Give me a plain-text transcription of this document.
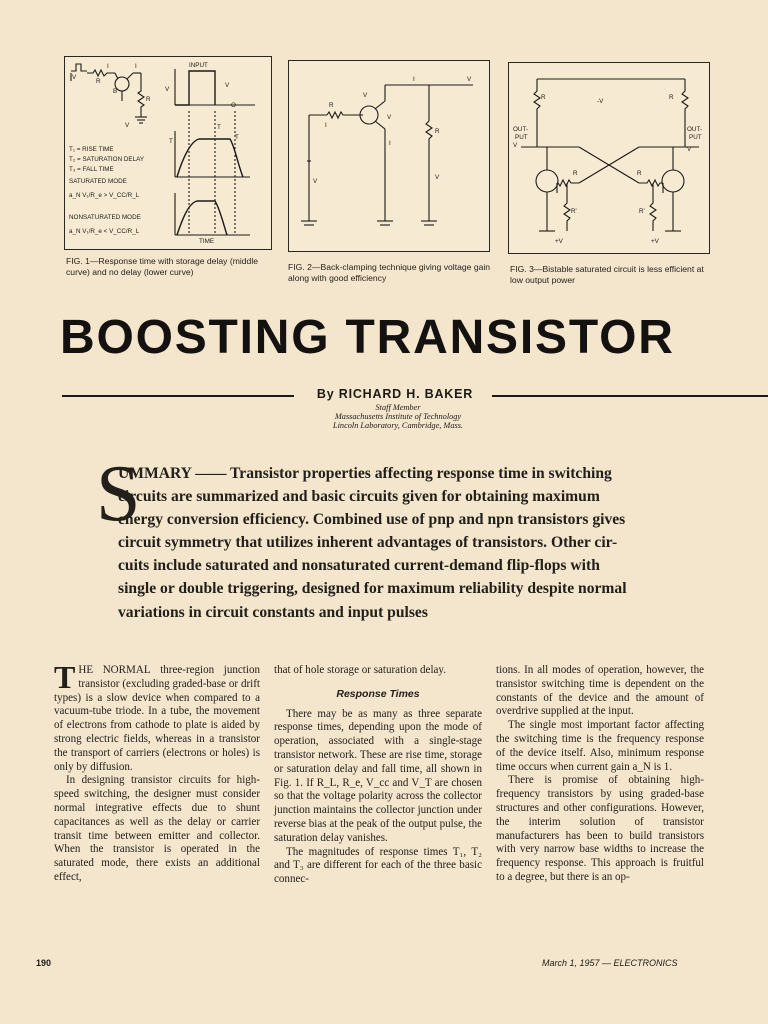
INPUT
V
R
I	I
B
R
V
V
V
O
T
T
T
TIME
T₁ = RISE TIME
T₂ = SATURATION DELAY
T₃ = FALL TIME
SATURATED MODE
a_N V₁/R_e > V_CC/R_L
NONSATURATED MODE
a_N V₁/R_e < V_CC/R_L
FIG. 1—Response time with storage delay (middle curve) and no delay (lower curve)
V
I
V
R
V
I
I
R
V
V
FIG. 2—Back-clamping technique giving voltage gain along with good efficiency
R
-V
R
OUT-
PUT
V
OUT-
PUT
V
R	R
R'	R'
+V	+V
FIG. 3—Bistable saturated circuit is less efficient at low output power
BOOSTING TRANSISTOR
By RICHARD H. BAKER
Staff Member
Massachusetts Institute of Technology
Lincoln Laboratory, Cambridge, Mass.
S
UMMARY —— Transistor properties affecting response time in switching
circuits are summarized and basic circuits given for obtaining maximum
energy conversion efficiency. Combined use of pnp and npn transistors gives
circuit symmetry that utilizes inherent advantages of transistors. Other cir-
cuits include saturated and nonsaturated current-demand flip-flops with
single or double triggering, designed for maximum reliability despite normal
variations in circuit constants and input pulses

T HE NORMAL three-region junction transistor (excluding graded-base or drift types) is a slow device when compared to a vacuum-tube triode. In a tube, the movement of electrons from cathode to plate is aided by strong electric fields, whereas in a transistor the transport of carriers (electrons or holes) is only by diffusion.

In designing transistor circuits for high-speed switching, the designer must consider normal integrative effects due to shunt capacitances as well as the delay or carrier transit time between emitter and collector. When the transistor is operated in the saturated mode, there exists an additional effect,

that of hole storage or saturation delay.

Response Times

There may be as many as three separate response times, depending upon the mode of operation, associated with a single-stage transistor network. These are rise time, storage or saturation delay and fall time, all shown in Fig. 1. If R_L, R_e, V_cc and V_T are chosen so that the voltage polarity across the collector junction maintains the collector junction under reverse bias at the peak of the output pulse, the saturation delay vanishes.

The magnitudes of response times T₁, T₂ and T₃ are different for each of the three basic connec-

tions. In all modes of operation, however, the transistor switching time is dependent on the constants of the device and the amount of overdrive supplied at the input.

The single most important factor affecting the switching time is the frequency response of the device itself. Also, minimum response time occurs when current gain a_N is 1.

There is promise of obtaining high-frequency transistors by using graded-base structures and other configurations. However, the interim solution of transistor manufacturers has been to build transistors with very narrow base widths to increase the frequency response. This approach is fruitful to a degree, but there is an op-

190	March 1, 1957 — ELECTRONICS
